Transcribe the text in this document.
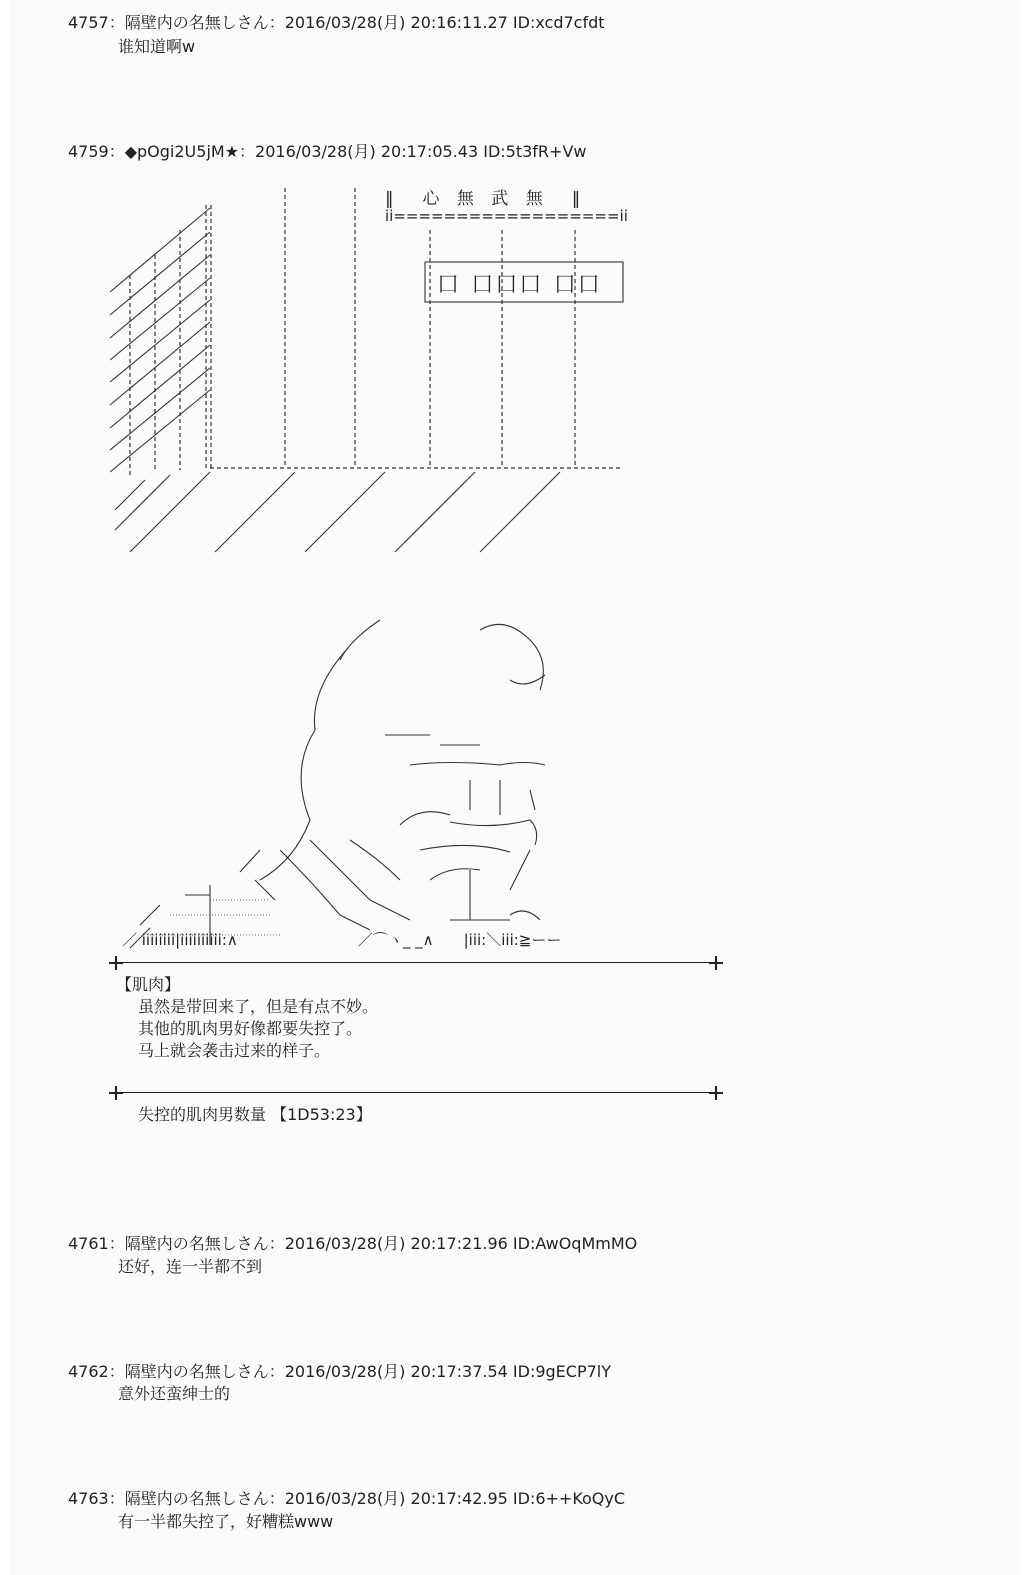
4757：隔壁内の名無しさん：2016/03/28(月) 20:16:11.27 ID:xcd7cfdt
谁知道啊w
4759：◆pOgi2U5jM★：2016/03/28(月) 20:17:05.43 ID:5t3fR+Vw
‖　心 無 武 無　‖
ii==================ii
囗 囗囗囗 囗囗
／ iiiiiiii|iiiiiiiiii:∧　　　　　　　　／⌒ヽ_ _∧　　|iii:＼iii:≧ーー
【肌肉】
虽然是带回来了，但是有点不妙。
其他的肌肉男好像都要失控了。
马上就会袭击过来的样子。
失控的肌肉男数量 【1D53:23】
4761：隔壁内の名無しさん：2016/03/28(月) 20:17:21.96 ID:AwOqMmMO
还好，连一半都不到
4762：隔壁内の名無しさん：2016/03/28(月) 20:17:37.54 ID:9gECP7lY
意外还蛮绅士的
4763：隔壁内の名無しさん：2016/03/28(月) 20:17:42.95 ID:6++KoQyC
有一半都失控了，好糟糕www
